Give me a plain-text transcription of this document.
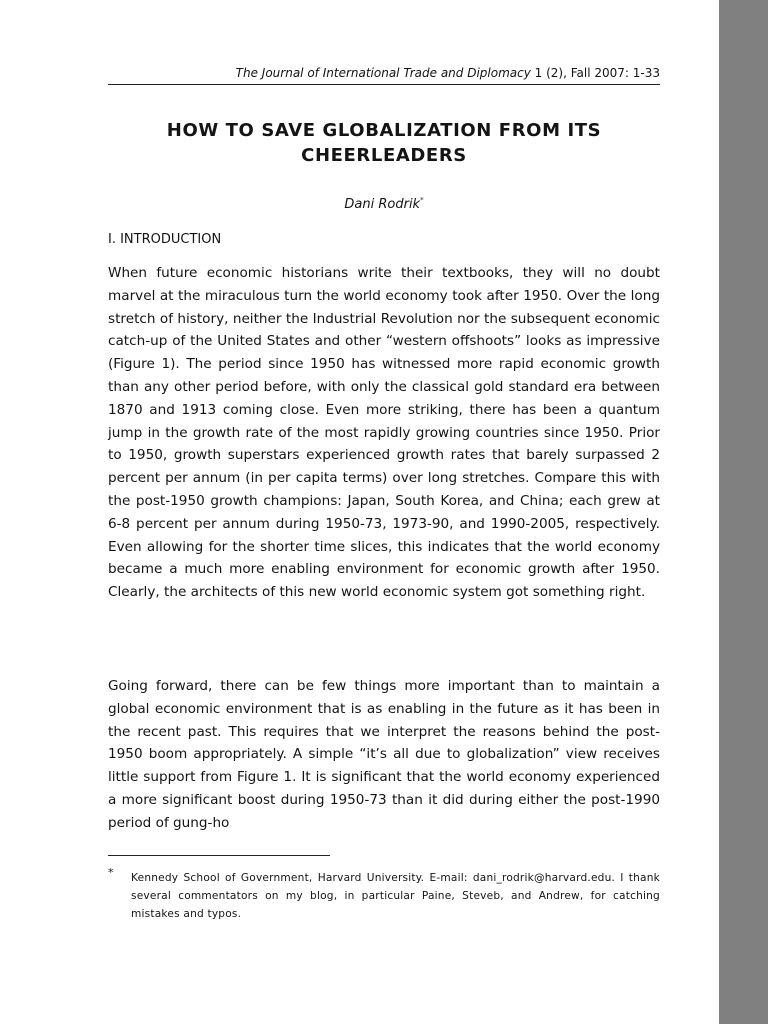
The Journal of International Trade and Diplomacy 1 (2), Fall 2007: 1-33
HOW TO SAVE GLOBALIZATION FROM ITS CHEERLEADERS
Dani Rodrik*
I. INTRODUCTION

When future economic historians write their textbooks, they will no doubt marvel at the miraculous turn the world economy took after 1950. Over the long stretch of history, neither the Industrial Revolution nor the subsequent economic catch-up of the United States and other “western offshoots” looks as impressive (Figure 1). The period since 1950 has witnessed more rapid economic growth than any other period before, with only the classical gold standard era between 1870 and 1913 coming close. Even more striking, there has been a quantum jump in the growth rate of the most rapidly growing countries since 1950. Prior to 1950, growth superstars experienced growth rates that barely surpassed 2 percent per annum (in per capita terms) over long stretches. Compare this with the post-1950 growth champions: Japan, South Korea, and China; each grew at 6-8 percent per annum during 1950-73, 1973-90, and 1990-2005, respectively. Even allowing for the shorter time slices, this indicates that the world economy became a much more enabling environment for economic growth after 1950. Clearly, the architects of this new world economic system got something right.

Going forward, there can be few things more important than to maintain a global economic environment that is as enabling in the future as it has been in the recent past. This requires that we interpret the reasons behind the post-1950 boom appropriately. A simple “it’s all due to globalization” view receives little support from Figure 1. It is significant that the world economy experienced a more significant boost during 1950-73 than it did during either the post-1990 period of gung-ho

* Kennedy School of Government, Harvard University. E-mail: dani_rodrik@harvard.edu. I thank several commentators on my blog, in particular Paine, Steveb, and Andrew, for catching mistakes and typos.
